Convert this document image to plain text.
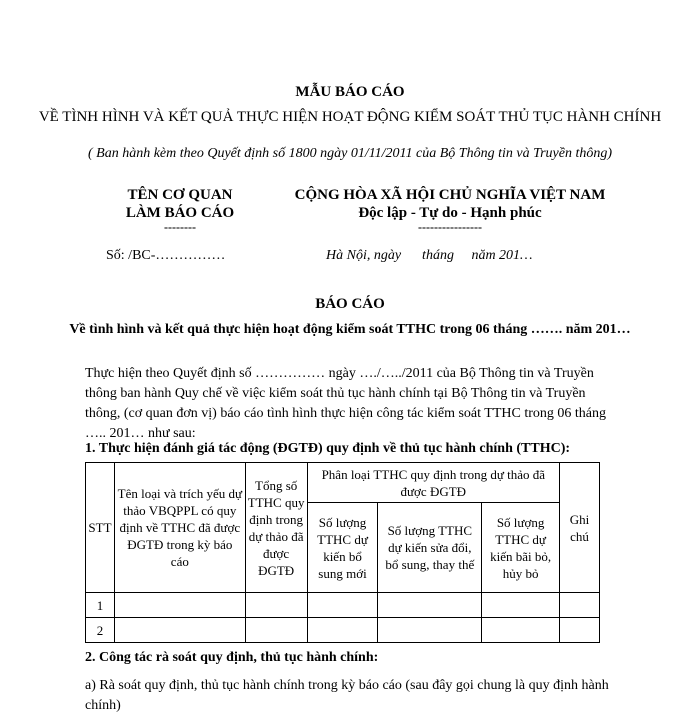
MẪU BÁO CÁO
VỀ TÌNH HÌNH VÀ KẾT QUẢ THỰC HIỆN HOẠT ĐỘNG KIỂM SOÁT THỦ TỤC HÀNH CHÍNH
( Ban hành kèm theo Quyết định số 1800 ngày 01/11/2011 của Bộ Thông tin và Truyền thông)
TÊN CƠ QUAN
LÀM BÁO CÁO
--------
CỘNG HÒA XÃ HỘI CHỦ NGHĨA VIỆT NAM
Độc lập - Tự do - Hạnh phúc
----------------
Số: /BC-……………	Hà Nội, ngày      tháng     năm 201…
BÁO CÁO
Về tình hình và kết quả thực hiện hoạt động kiểm soát TTHC trong 06 tháng ……. năm 201…
Thực hiện theo Quyết định số …………… ngày …./…../2011 của Bộ Thông tin và Truyền thông ban hành Quy chế về việc kiểm soát thủ tục hành chính tại Bộ Thông tin và Truyền thông, (cơ quan đơn vị) báo cáo tình hình thực hiện công tác kiểm soát TTHC trong 06 tháng ….. 201… như sau:
1. Thực hiện đánh giá tác động (ĐGTĐ) quy định về thủ tục hành chính (TTHC):
STT	Tên loại và trích yếu dự thảo VBQPPL có quy định về TTHC đã được ĐGTĐ trong kỳ báo cáo	Tổng số TTHC quy định trong dự thảo đã được ĐGTĐ	Phân loại TTHC quy định trong dự thảo đã được ĐGTĐ			Ghi chú
			Số lượng TTHC dự kiến bổ sung mới	Số lượng TTHC dự kiến sửa đổi, bổ sung, thay thế	Số lượng TTHC dự kiến bãi bỏ, hủy bỏ	
1						
2						
2. Công tác rà soát quy định, thủ tục hành chính:
a) Rà soát quy định, thủ tục hành chính trong kỳ báo cáo (sau đây gọi chung là quy định hành chính)
